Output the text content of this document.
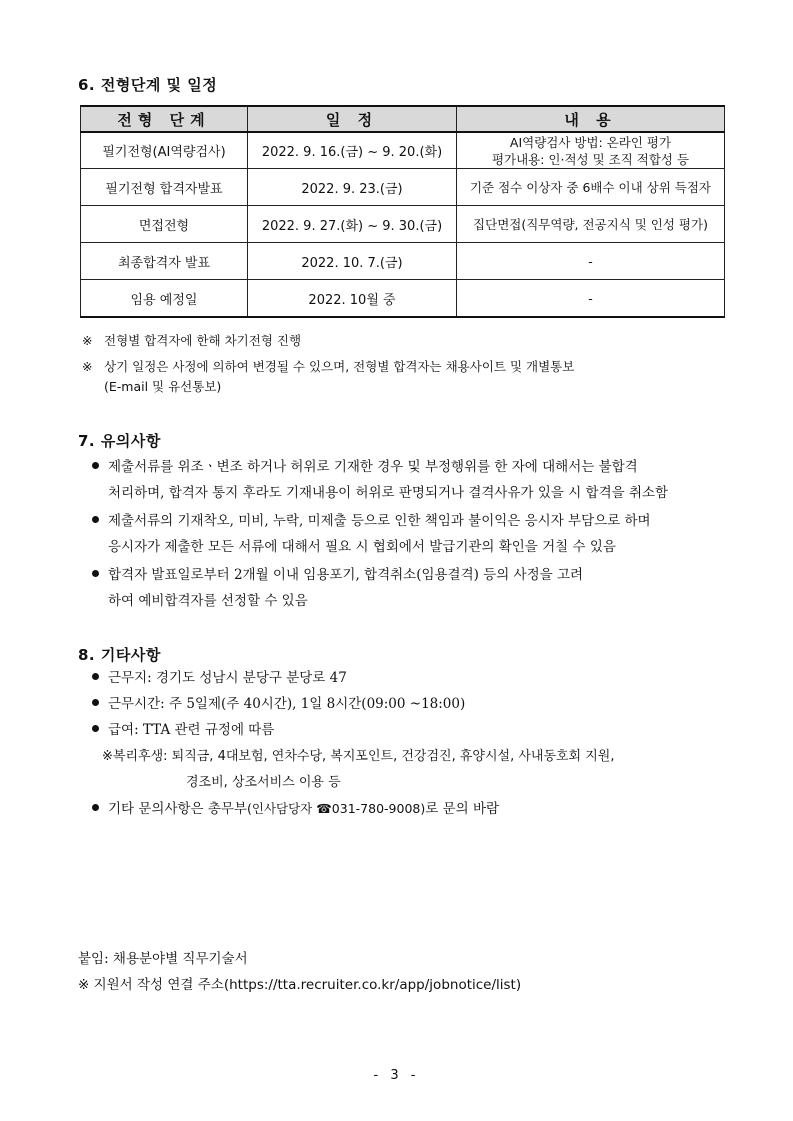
6. 전형단계 및 일정
전형 단계	일 정	내 용
필기전형(AI역량검사)	2022. 9. 16.(금) ~ 9. 20.(화)	AI역량검사 방법: 온라인 평가
평가내용: 인·적성 및 조직 적합성 등

필기전형 합격자발표	2022. 9. 23.(금)	기준 점수 이상자 중 6배수 이내 상위 득점자
면접전형	2022. 9. 27.(화) ~ 9. 30.(금)	집단면접(직무역량, 전공지식 및 인성 평가)
최종합격자 발표	2022. 10. 7.(금)	-
임용 예정일	2022. 10월 중	-
※ 전형별 합격자에 한해 차기전형 진행
※ 상기 일정은 사정에 의하여 변경될 수 있으며, 전형별 합격자는 채용사이트 및 개별통보
(E-mail 및 유선통보)
7. 유의사항
제출서류를 위조ㆍ변조 하거나 허위로 기재한 경우 및 부정행위를 한 자에 대해서는 불합격
처리하며, 합격자 통지 후라도 기재내용이 허위로 판명되거나 결격사유가 있을 시 합격을 취소함
제출서류의 기재착오, 미비, 누락, 미제출 등으로 인한 책임과 불이익은 응시자 부담으로 하며
응시자가 제출한 모든 서류에 대해서 필요 시 협회에서 발급기관의 확인을 거칠 수 있음
합격자 발표일로부터 2개월 이내 임용포기, 합격취소(임용결격) 등의 사정을 고려
하여 예비합격자를 선정할 수 있음
8. 기타사항
근무지: 경기도 성남시 분당구 분당로 47
근무시간: 주 5일제(주 40시간), 1일 8시간(09:00 ~18:00)
급여: TTA 관련 규정에 따름
※복리후생: 퇴직금, 4대보험, 연차수당, 복지포인트, 건강검진, 휴양시설, 사내동호회 지원,
경조비, 상조서비스 이용 등
기타 문의사항은 총무부(인사담당자 ☎031-780-9008)로 문의 바람
붙임: 채용분야별 직무기술서
※ 지원서 작성 연결 주소(https://tta.recruiter.co.kr/app/jobnotice/list)
- 3 -
